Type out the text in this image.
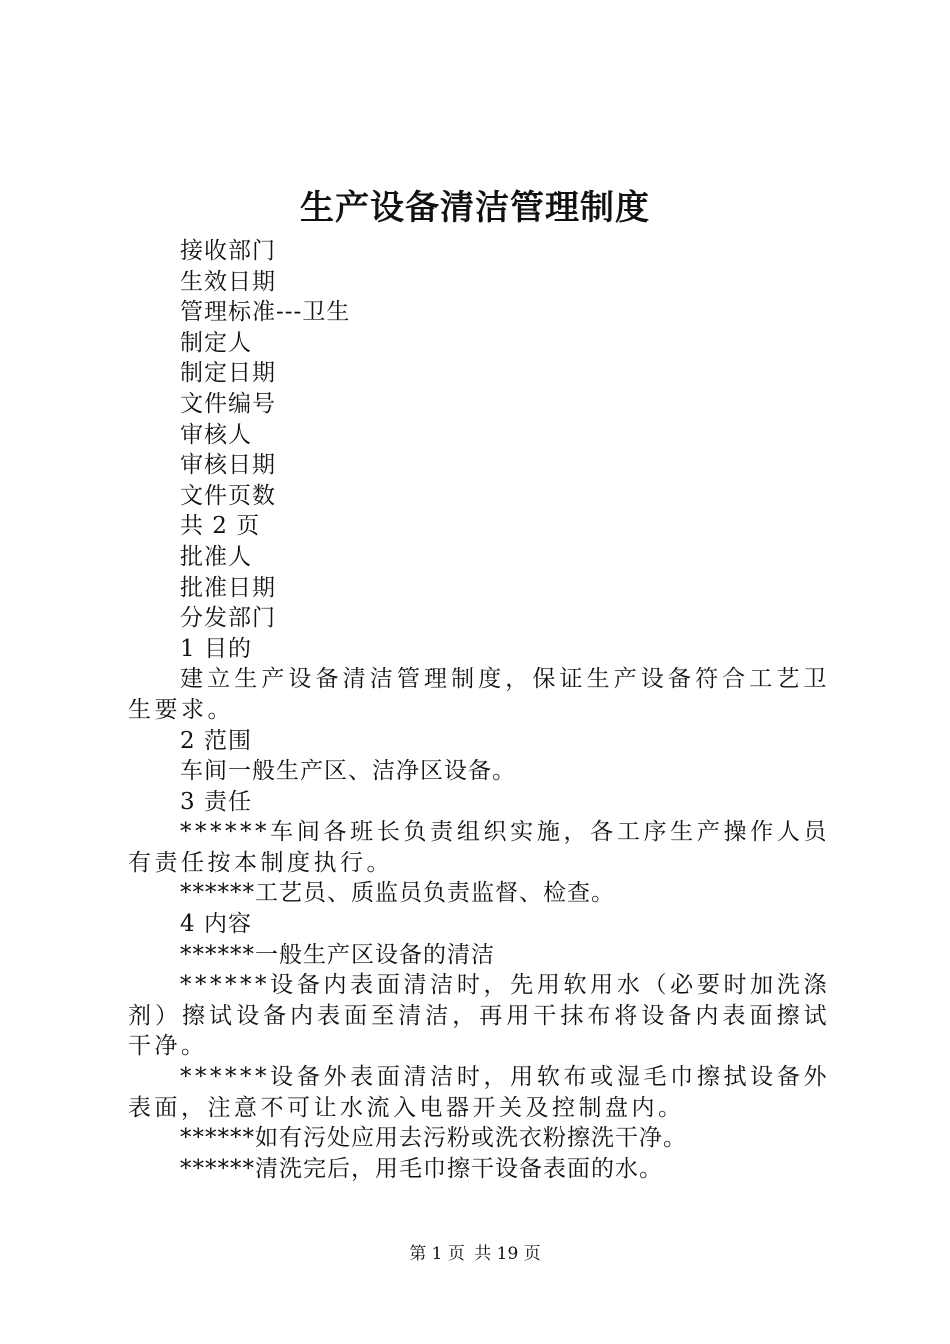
生产设备清洁管理制度
接收部门
生效日期
管理标准---卫生
制定人
制定日期
文件编号
审核人
审核日期
文件页数
共 2 页
批准人
批准日期
分发部门
1 目的
建立生产设备清洁管理制度，保证生产设备符合工艺卫生要求。
2 范围
车间一般生产区、洁净区设备。
3 责任
******车间各班长负责组织实施，各工序生产操作人员有责任按本制度执行。
******工艺员、质监员负责监督、检查。
4 内容
******一般生产区设备的清洁
******设备内表面清洁时，先用软用水（必要时加洗涤剂）擦试设备内表面至清洁，再用干抹布将设备内表面擦试干净。
******设备外表面清洁时，用软布或湿毛巾擦拭设备外表面，注意不可让水流入电器开关及控制盘内。
******如有污处应用去污粉或洗衣粉擦洗干净。
******清洗完后，用毛巾擦干设备表面的水。
第 1 页 共 19 页
